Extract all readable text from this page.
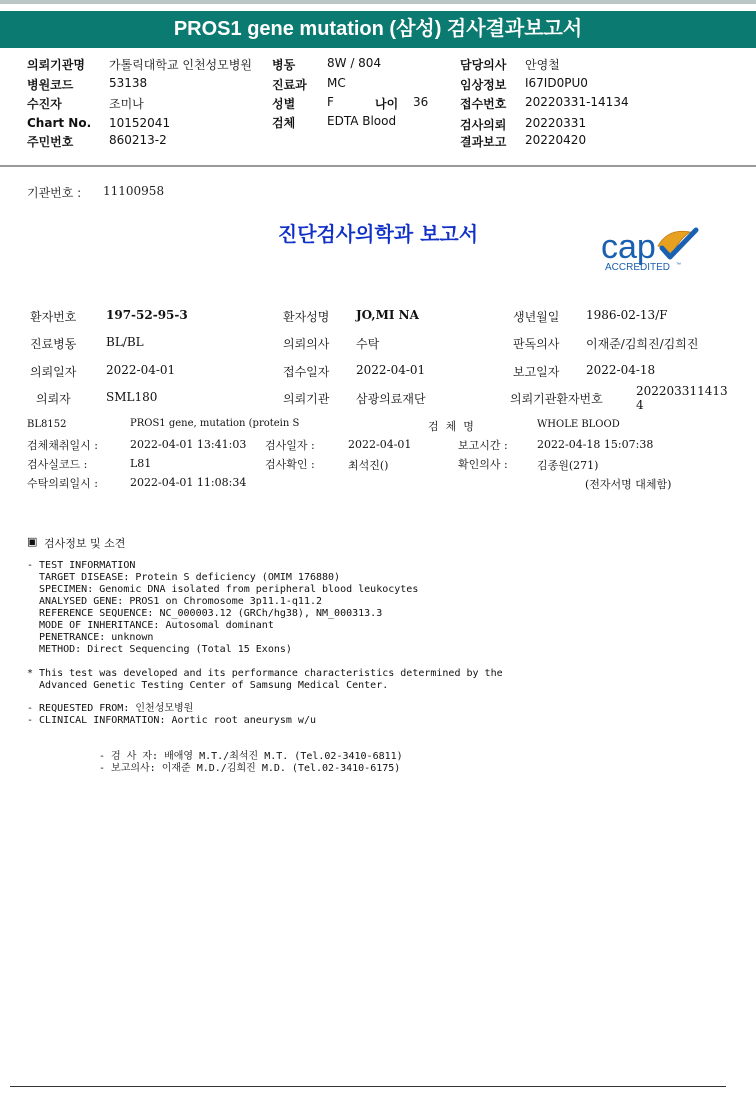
PROS1 gene mutation (삼성) 검사결과보고서
의뢰기관명 가톨릭대학교 인천성모병원
병원코드	53138
수진자	조미나
Chart No. 10152041
주민번호	860213-2
병동	8W / 804
진료과 MC
성별	F	나이 36
검체	EDTA Blood
담당의사 안영철
임상정보 I67ID0PU0
접수번호 20220331-14134
검사의뢰 20220331
결과보고 20220420
기관번호 : 11100958
진단검사의학과 보고서	cap
ACCREDITED ™
환자번호 197-52-95-3	환자성명 JO,MI NA	생년월일 1986-02-13/F
진료병동 BL/BL	의뢰의사 수탁	판독의사 이재준/김희진/김희진
의뢰일자 2022-04-01	접수일자 2022-04-01	보고일자 2022-04-18
의뢰자	SML180	의뢰기관 삼광의료재단	의뢰기관환자번호
202203311413
4
BL8152	PROS1 gene, mutation (protein S	검  체  명	WHOLE BLOOD
검체채취일시 :	2022-04-01 13:41:03 검사일자 :	2022-04-01	보고시간 :	2022-04-18 15:07:38
검사실코드 :	L81	검사확인 :	최석진()	확인의사 :	김종원(271)
수탁의뢰일시 :	2022-04-01 11:08:34	(전자서명 대체함)
▣ 검사정보 및 소견
- TEST INFORMATION
TARGET DISEASE: Protein S deficiency (OMIM 176880)
SPECIMEN: Genomic DNA isolated from peripheral blood leukocytes
ANALYSED GENE: PROS1 on Chromosome 3p11.1-q11.2
REFERENCE SEQUENCE: NC_000003.12 (GRCh/hg38), NM_000313.3
MODE OF INHERITANCE: Autosomal dominant
PENETRANCE: unknown
METHOD: Direct Sequencing (Total 15 Exons)
* This test was developed and its performance characteristics determined by the
Advanced Genetic Testing Center of Samsung Medical Center.
- REQUESTED FROM: 인천성모병원
- CLINICAL INFORMATION: Aortic root aneurysm w/u
- 검 사 자: 배애영 M.T./최석진 M.T. (Tel.02-3410-6811)
- 보고의사: 이재준 M.D./김희진 M.D. (Tel.02-3410-6175)
